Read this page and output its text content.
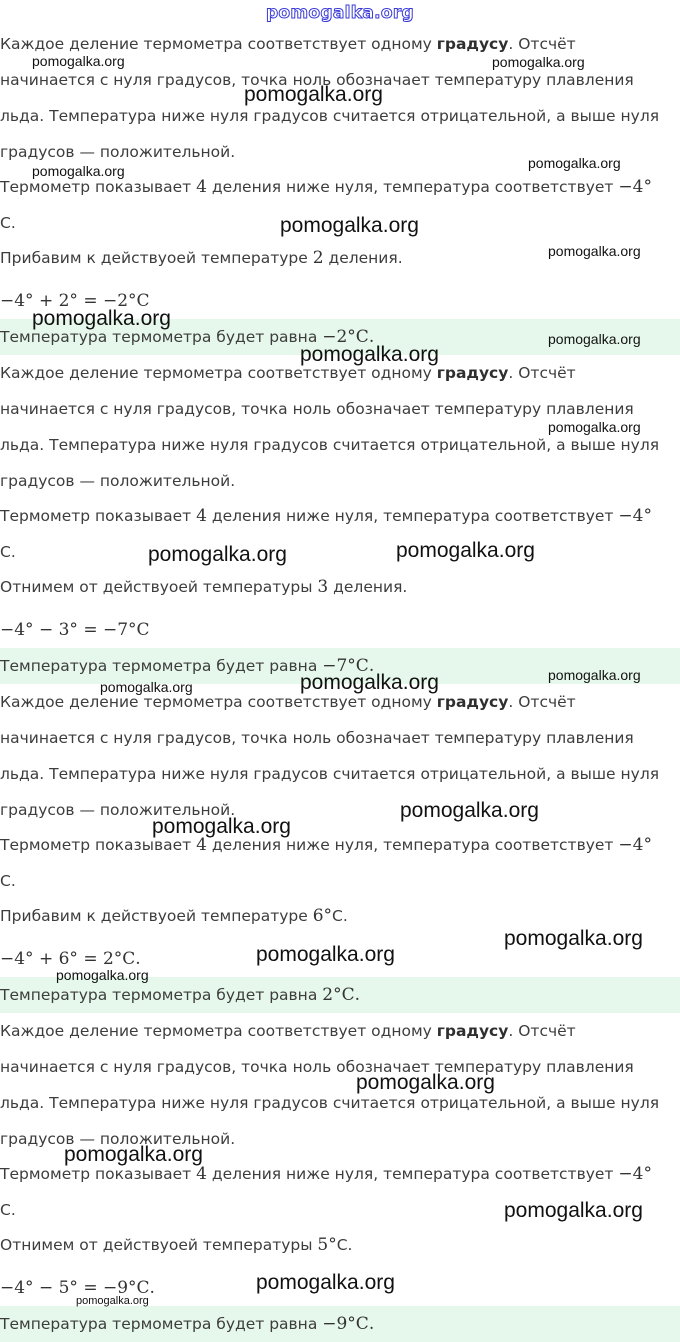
pomogalka.org
Каждое деление термометра соответствует одному градусу. Отсчёт
начинается с нуля градусов, точка ноль обозначает температуру плавления
льда. Температура ниже нуля градусов считается отрицательной, а выше нуля
градусов — положительной.
Термометр показывает 4 деления ниже нуля, температура соответствует −4°
С.
Прибавим к действуоей температуре 2 деления.
−4° + 2° = −2°С
Температура термометра будет равна −2°С.
Каждое деление термометра соответствует одному градусу. Отсчёт
начинается с нуля градусов, точка ноль обозначает температуру плавления
льда. Температура ниже нуля градусов считается отрицательной, а выше нуля
градусов — положительной.
Термометр показывает 4 деления ниже нуля, температура соответствует −4°
С.
Отнимем от действуоей температуры 3 деления.
−4° − 3° = −7°С
Температура термометра будет равна −7°С.
Каждое деление термометра соответствует одному градусу. Отсчёт
начинается с нуля градусов, точка ноль обозначает температуру плавления
льда. Температура ниже нуля градусов считается отрицательной, а выше нуля
градусов — положительной.
Термометр показывает 4 деления ниже нуля, температура соответствует −4°
С.
Прибавим к действуоей температуре 6°С.
−4° + 6° = 2°С.
Температура термометра будет равна 2°С.
Каждое деление термометра соответствует одному градусу. Отсчёт
начинается с нуля градусов, точка ноль обозначает температуру плавления
льда. Температура ниже нуля градусов считается отрицательной, а выше нуля
градусов — положительной.
Термометр показывает 4 деления ниже нуля, температура соответствует −4°
С.
Отнимем от действуоей температуры 5°С.
−4° − 5° = −9°С.
Температура термометра будет равна −9°С.
pomogalka.org	pomogalka.org
pomogalka.org
pomogalka.org	pomogalka.org
pomogalka.org
pomogalka.org
pomogalka.org
pomogalka.org
pomogalka.org
pomogalka.org
pomogalka.org	pomogalka.org
pomogalka.org
pomogalka.org	pomogalka.org
pomogalka.org
pomogalka.org
pomogalka.org
pomogalka.org
pomogalka.org
pomogalka.org
pomogalka.org
pomogalka.org
pomogalka.org
pomogalka.org
